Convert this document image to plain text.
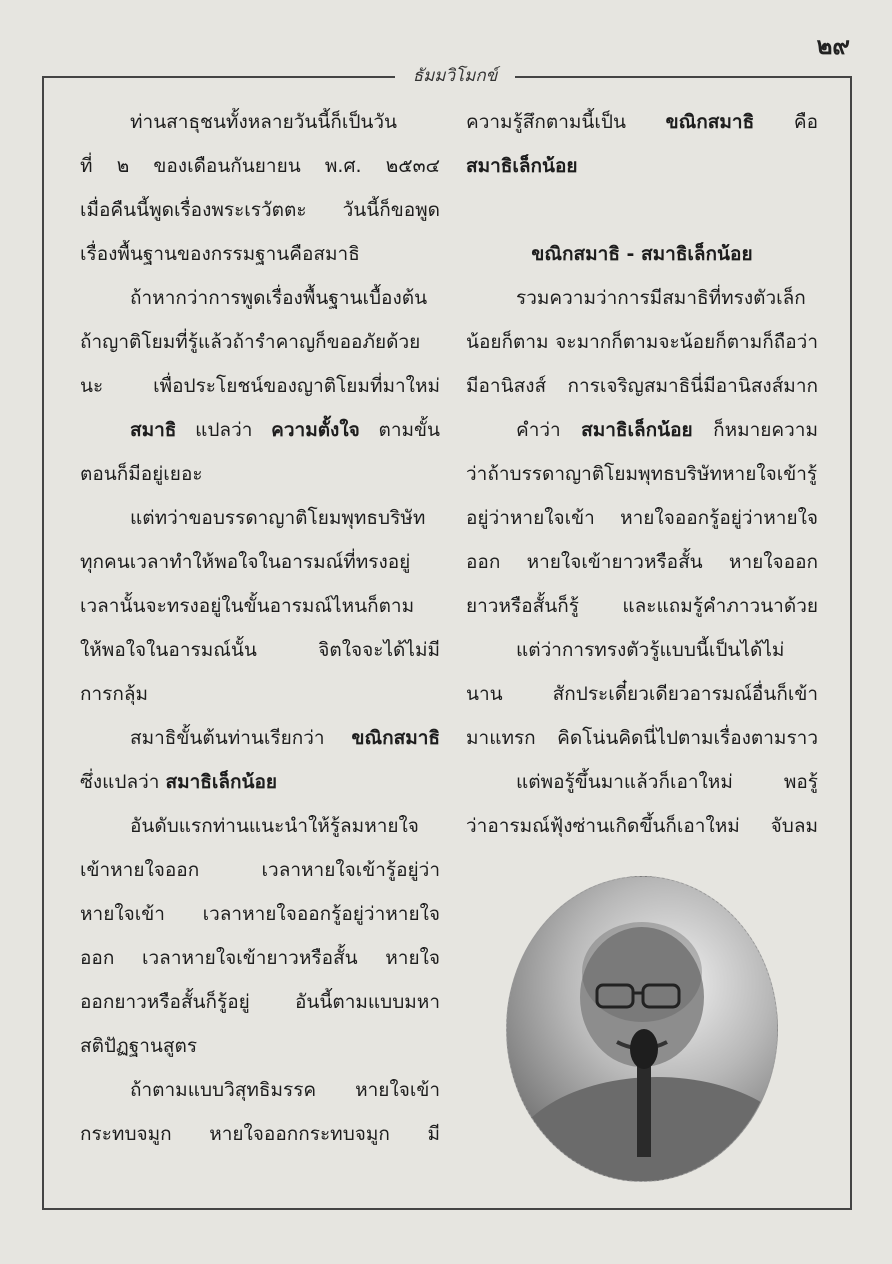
๒๙
ธัมมวิโมกข์
ท่านสาธุชนทั้งหลายวันนี้ก็เป็นวัน
ที่ ๒ ของเดือนกันยายน พ.ศ. ๒๕๓๔
เมื่อคืนนี้พูดเรื่องพระเรวัตตะ วันนี้ก็ขอพูด
เรื่องพื้นฐานของกรรมฐานคือสมาธิ
ถ้าหากว่าการพูดเรื่องพื้นฐานเบื้องต้น
ถ้าญาติโยมที่รู้แล้วถ้ารำคาญก็ขออภัยด้วย
นะ เพื่อประโยชน์ของญาติโยมที่มาใหม่
สมาธิ แปลว่า ความตั้งใจ ตามขั้น
ตอนก็มีอยู่เยอะ
แต่ทว่าขอบรรดาญาติโยมพุทธบริษัท
ทุกคนเวลาทำให้พอใจในอารมณ์ที่ทรงอยู่
เวลานั้นจะทรงอยู่ในขั้นอารมณ์ไหนก็ตาม
ให้พอใจในอารมณ์นั้น จิตใจจะได้ไม่มี
การกลุ้ม
สมาธิขั้นต้นท่านเรียกว่า ขณิกสมาธิ
ซึ่งแปลว่า สมาธิเล็กน้อย
อันดับแรกท่านแนะนำให้รู้ลมหายใจ
เข้าหายใจออก เวลาหายใจเข้ารู้อยู่ว่า
หายใจเข้า เวลาหายใจออกรู้อยู่ว่าหายใจ
ออก เวลาหายใจเข้ายาวหรือสั้น หายใจ
ออกยาวหรือสั้นก็รู้อยู่ อันนี้ตามแบบมหา
สติปัฏฐานสูตร
ถ้าตามแบบวิสุทธิมรรค หายใจเข้า
กระทบจมูก หายใจออกกระทบจมูก มี
ความรู้สึกตามนี้เป็น ขณิกสมาธิ คือ
สมาธิเล็กน้อย
ขณิกสมาธิ - สมาธิเล็กน้อย
รวมความว่าการมีสมาธิที่ทรงตัวเล็ก
น้อยก็ตาม จะมากก็ตามจะน้อยก็ตามก็ถือว่า
มีอานิสงส์ การเจริญสมาธินี่มีอานิสงส์มาก
คำว่า สมาธิเล็กน้อย ก็หมายความ
ว่าถ้าบรรดาญาติโยมพุทธบริษัทหายใจเข้ารู้
อยู่ว่าหายใจเข้า หายใจออกรู้อยู่ว่าหายใจ
ออก หายใจเข้ายาวหรือสั้น หายใจออก
ยาวหรือสั้นก็รู้ และแถมรู้คำภาวนาด้วย
แต่ว่าการทรงตัวรู้แบบนี้เป็นได้ไม่
นาน สักประเดี๋ยวเดียวอารมณ์อื่นก็เข้า
มาแทรก คิดโน่นคิดนี่ไปตามเรื่องตามราว
แต่พอรู้ขึ้นมาแล้วก็เอาใหม่ พอรู้
ว่าอารมณ์ฟุ้งซ่านเกิดขึ้นก็เอาใหม่ จับลม
